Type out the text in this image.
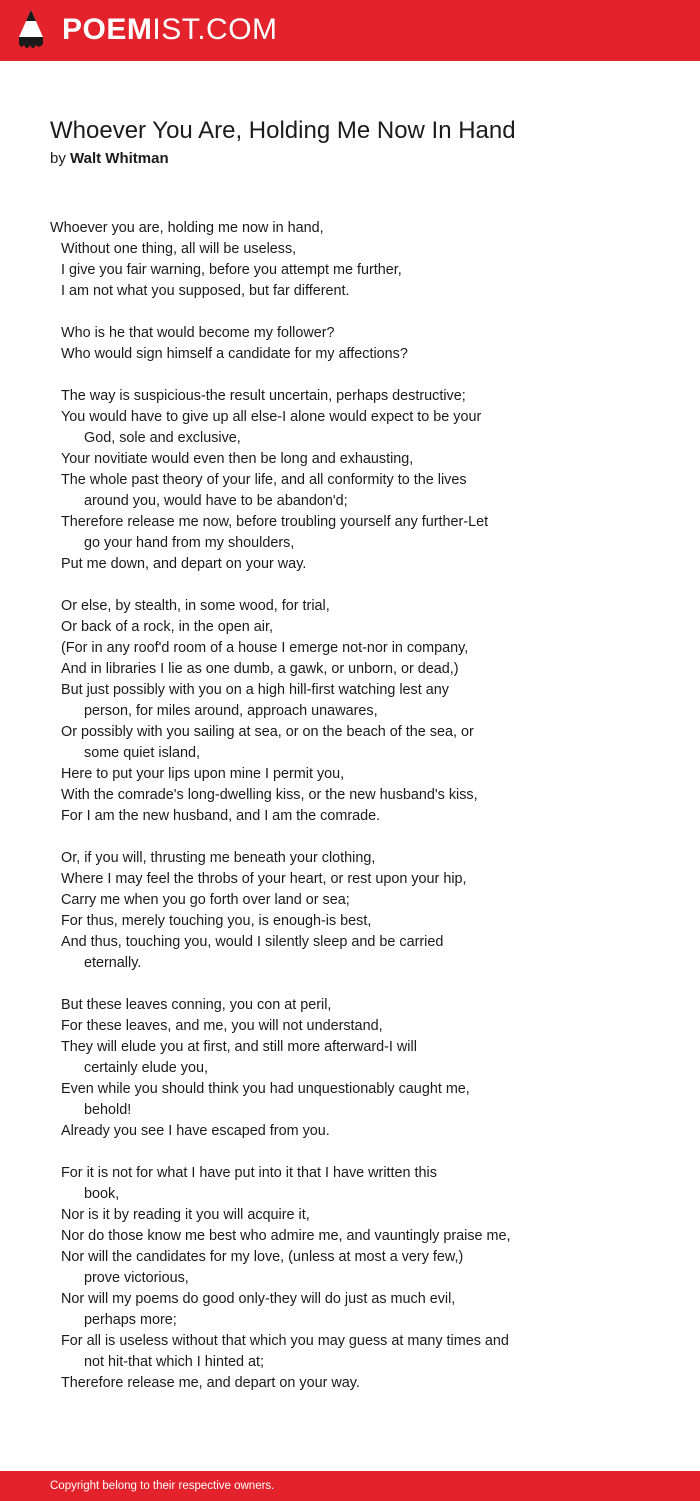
POEMIST.COM
Whoever You Are, Holding Me Now In Hand
by Walt Whitman
Whoever you are, holding me now in hand,
Without one thing, all will be useless,
I give you fair warning, before you attempt me further,
I am not what you supposed, but far different.
Who is he that would become my follower?
Who would sign himself a candidate for my affections?
The way is suspicious-the result uncertain, perhaps destructive;
You would have to give up all else-I alone would expect to be your
God, sole and exclusive,
Your novitiate would even then be long and exhausting,
The whole past theory of your life, and all conformity to the lives
around you, would have to be abandon'd;
Therefore release me now, before troubling yourself any further-Let
go your hand from my shoulders,
Put me down, and depart on your way.
Or else, by stealth, in some wood, for trial,
Or back of a rock, in the open air,
(For in any roof'd room of a house I emerge not-nor in company,
And in libraries I lie as one dumb, a gawk, or unborn, or dead,)
But just possibly with you on a high hill-first watching lest any
person, for miles around, approach unawares,
Or possibly with you sailing at sea, or on the beach of the sea, or
some quiet island,
Here to put your lips upon mine I permit you,
With the comrade's long-dwelling kiss, or the new husband's kiss,
For I am the new husband, and I am the comrade.
Or, if you will, thrusting me beneath your clothing,
Where I may feel the throbs of your heart, or rest upon your hip,
Carry me when you go forth over land or sea;
For thus, merely touching you, is enough-is best,
And thus, touching you, would I silently sleep and be carried
eternally.
But these leaves conning, you con at peril,
For these leaves, and me, you will not understand,
They will elude you at first, and still more afterward-I will
certainly elude you,
Even while you should think you had unquestionably caught me,
behold!
Already you see I have escaped from you.
For it is not for what I have put into it that I have written this
book,
Nor is it by reading it you will acquire it,
Nor do those know me best who admire me, and vauntingly praise me,
Nor will the candidates for my love, (unless at most a very few,)
prove victorious,
Nor will my poems do good only-they will do just as much evil,
perhaps more;
For all is useless without that which you may guess at many times and
not hit-that which I hinted at;
Therefore release me, and depart on your way.
Copyright belong to their respective owners.
